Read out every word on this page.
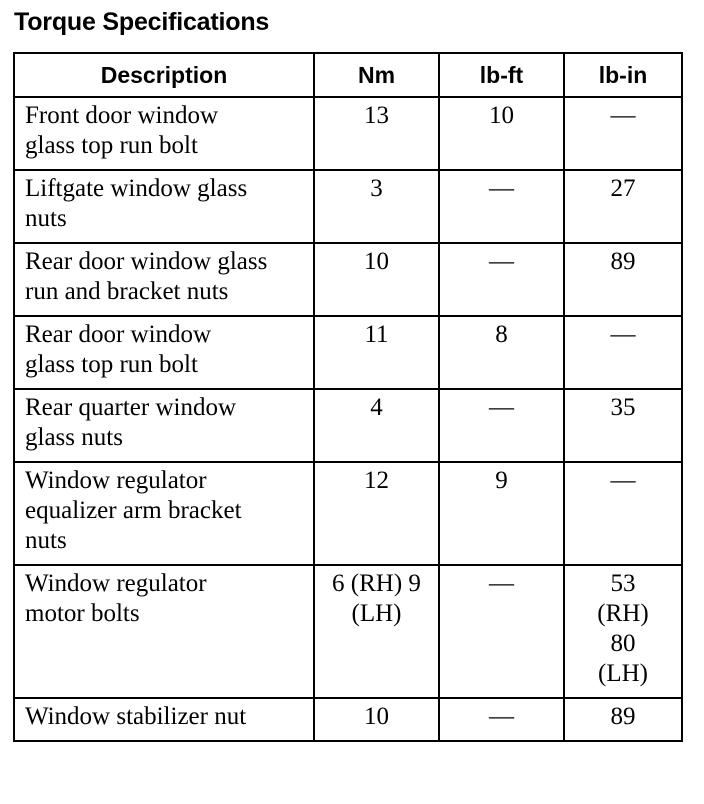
Torque Specifications
Description	Nm	lb-ft	lb-in

Front door window glass top run bolt	13	10	—

Liftgate window glass nuts	3	—	27

Rear door window glass run and bracket nuts	10	—	89

Rear door window glass top run bolt	11	8	—

Rear quarter window glass nuts	4	—	35

Window regulator equalizer arm bracket nuts	12	9	—

Window regulator motor bolts	6 (RH) 9 (LH)	—	53 (RH) 80 (LH)

Window stabilizer nut	10	—	89
